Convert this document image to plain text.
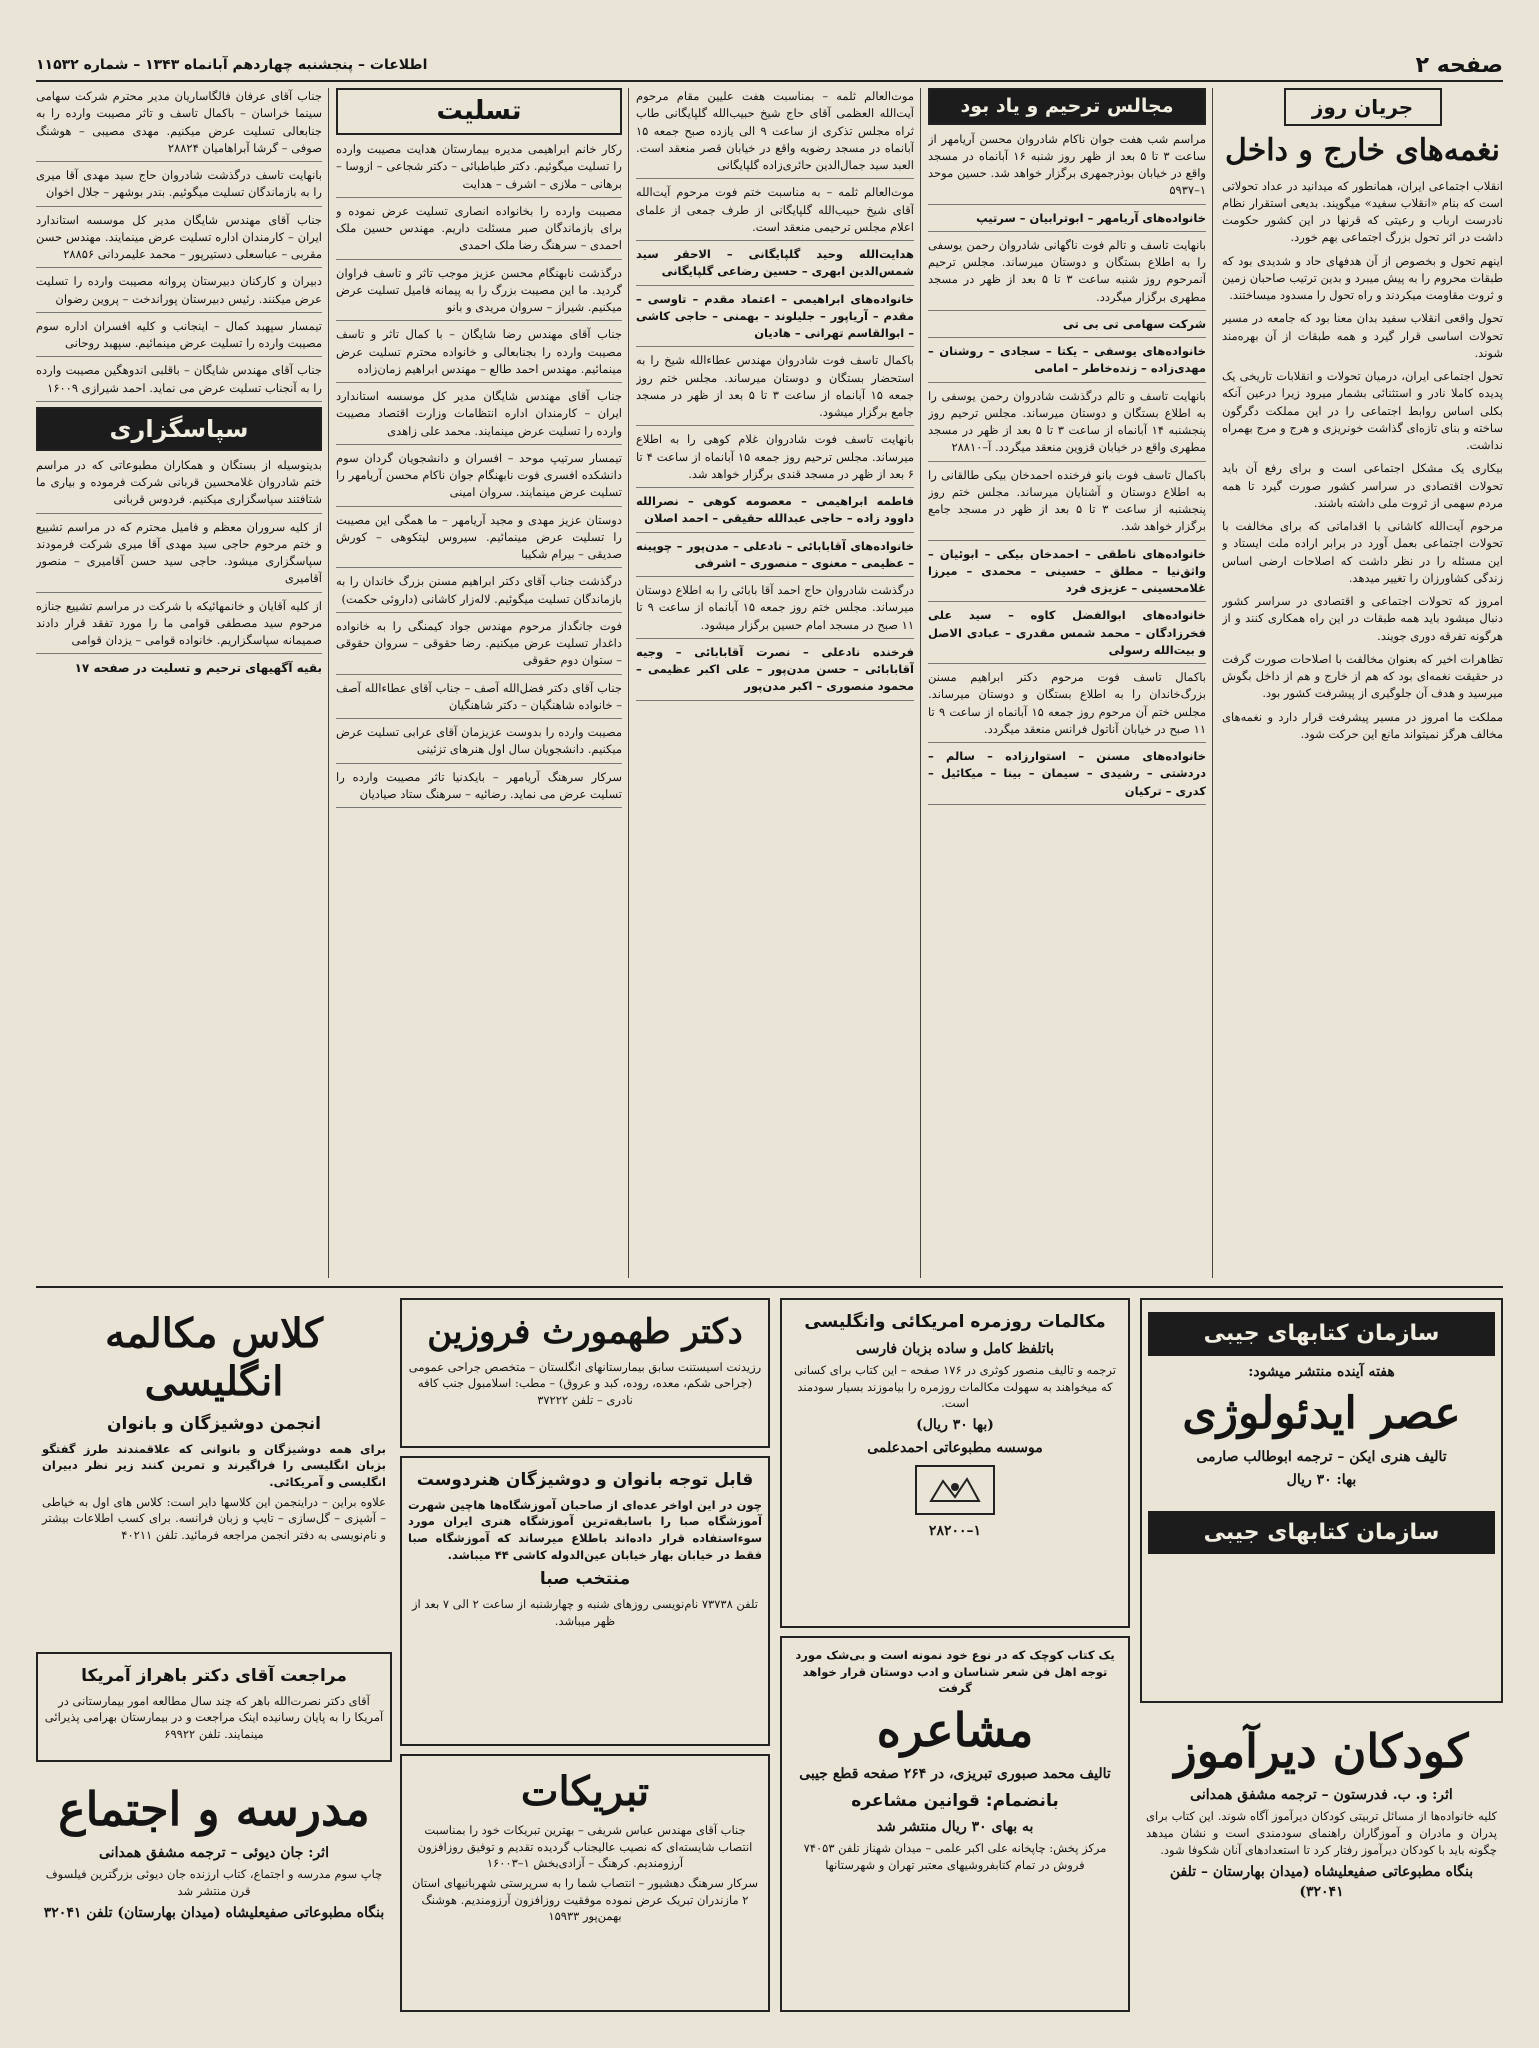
صفحه ۲
اطلاعات – پنجشنبه چهاردهم آبانماه ۱۳۴۳ – شماره ۱۱۵۳۲
جریان روز
نغمه‌های خارج و داخل

انقلاب اجتماعی ایران، همانطور که میدانید در عداد تحولاتی است که بنام «انقلاب سفید» میگویند. بدیعی استقرار نظام نادرست ارباب و رعیتی که قرنها در این کشور حکومت داشت در اثر تحول بزرگ اجتماعی بهم خورد.

اینهم تحول و بخصوص از آن هدفهای حاد و شدیدی بود که طبقات محروم را به پیش میبرد و بدین ترتیب صاحبان زمین و ثروت مقاومت میکردند و راه تحول را مسدود میساختند.

تحول واقعی انقلاب سفید بدان معنا بود که جامعه در مسیر تحولات اساسی قرار گیرد و همه طبقات از آن بهره‌مند شوند.

تحول اجتماعی ایران، درمیان تحولات و انقلابات تاریخی یک پدیده کاملا نادر و استثنائی بشمار میرود زیرا درعین آنکه بکلی اساس روابط اجتماعی را در این مملکت دگرگون ساخته و بنای تازه‌ای گذاشت خونریزی و هرج و مرج بهمراه نداشت.

بیکاری یک مشکل اجتماعی است و برای رفع آن باید تحولات اقتصادی در سراسر کشور صورت گیرد تا همه مردم سهمی از ثروت ملی داشته باشند.

مرحوم آیت‌الله کاشانی با اقداماتی که برای مخالفت با تحولات اجتماعی بعمل آورد در برابر اراده ملت ایستاد و این مسئله را در نظر داشت که اصلاحات ارضی اساس زندگی کشاورزان را تغییر میدهد.

امروز که تحولات اجتماعی و اقتصادی در سراسر کشور دنبال میشود باید همه طبقات در این راه همکاری کنند و از هرگونه تفرقه دوری جویند.

تظاهرات اخیر که بعنوان مخالفت با اصلاحات صورت گرفت در حقیقت نغمه‌ای بود که هم از خارج و هم از داخل بگوش میرسید و هدف آن جلوگیری از پیشرفت کشور بود.

مملکت ما امروز در مسیر پیشرفت قرار دارد و نغمه‌های مخالف هرگز نمیتواند مانع این حرکت شود.

مجالس ترحیم و یاد بود
مراسم شب هفت جوان ناکام شادروان محسن آریامهر از ساعت ۳ تا ۵ بعد از ظهر روز شنبه ۱۶ آبانماه در مسجد واقع در خیابان بوذرجمهری برگزار خواهد شد. حسین موحد ۱–۵۹۳۷
خانواده‌های آریامهر – ابوترابیان – سرتیپ
بانهایت تاسف و تالم فوت ناگهانی شادروان رحمن یوسفی را به اطلاع بستگان و دوستان میرساند. مجلس ترحیم آنمرحوم روز شنبه ساعت ۳ تا ۵ بعد از ظهر در مسجد مطهری برگزار میگردد.
شرکت سهامی تی بی تی
خانواده‌های یوسفی – یکتا – سجادی – روشنان – مهدی‌زاده – زنده‌خاطر – امامی
بانهایت تاسف و تالم درگذشت شادروان رحمن یوسفی را به اطلاع بستگان و دوستان میرساند. مجلس ترحیم روز پنجشنبه ۱۴ آبانماه از ساعت ۳ تا ۵ بعد از ظهر در مسجد مطهری واقع در خیابان قزوین منعقد میگردد. آ–۲۸۸۱۰
باکمال تاسف فوت بانو فرخنده احمدخان بیکی طالقانی را به اطلاع دوستان و آشنایان میرساند. مجلس ختم روز پنجشنبه از ساعت ۳ تا ۵ بعد از ظهر در مسجد جامع برگزار خواهد شد.
خانواده‌های ناطقی – احمدخان بیکی – ابوئیان – واثق‌نیا – مطلق – حسینی – محمدی – میرزا غلامحسینی – عزیزی فرد
خانواده‌های ابوالفضل کاوه – سید علی فخرزادگان – محمد شمس مقدری – عبادی الاصل و بیت‌الله رسولی
باکمال تاسف فوت مرحوم دکتر ابراهیم مسنن بزرگ‌خاندان را به اطلاع بستگان و دوستان میرساند. مجلس ختم آن مرحوم روز جمعه ۱۵ آبانماه از ساعت ۹ تا ۱۱ صبح در خیابان آناتول فرانس منعقد میگردد.
خانواده‌های مسنن – استوارزاده – سالم – دردشتی – رشیدی – سیمان – بینا – میکائیل – کدری – ترکیان
موت‌العالم ثلمه – بمناسبت هفت علیین مقام مرحوم آیت‌الله العظمی آقای حاج شیخ حبیب‌الله گلپایگانی طاب ثراه مجلس تذکری از ساعت ۹ الی یازده صبح جمعه ۱۵ آبانماه در مسجد رضویه واقع در خیابان قصر منعقد است. العبد سید جمال‌الدین حائری‌زاده گلپایگانی
موت‌العالم ثلمه – به مناسبت ختم فوت مرحوم آیت‌الله آقای شیخ حبیب‌الله گلپایگانی از طرف جمعی از علمای اعلام مجلس ترحیمی منعقد است.
هدایت‌الله وحید گلپایگانی – الاحقر سید شمس‌الدین ابهری – حسین رضاعی گلپایگانی
خانواده‌های ابراهیمی – اعتماد مقدم – تاوسی – مقدم – آریاپور – جلیلوند – بهمنی – حاجی کاشی – ابوالقاسم تهرانی – هادیان
باکمال تاسف فوت شادروان مهندس عطاءالله شیخ را به استحضار بستگان و دوستان میرساند. مجلس ختم روز جمعه ۱۵ آبانماه از ساعت ۳ تا ۵ بعد از ظهر در مسجد جامع برگزار میشود.
بانهایت تاسف فوت شادروان غلام کوهی را به اطلاع میرساند. مجلس ترحیم روز جمعه ۱۵ آبانماه از ساعت ۴ تا ۶ بعد از ظهر در مسجد قندی برگزار خواهد شد.
فاطمه ابراهیمی – معصومه کوهی – نصرالله داوود زاده – حاجی عبدالله حقیقی – احمد اصلان
خانواده‌های آقابابائی – نادعلی – مدن‌پور – چوپینه – عظیمی – معنوی – منصوری – اشرفی
درگذشت شادروان حاج احمد آقا بابائی را به اطلاع دوستان میرساند. مجلس ختم روز جمعه ۱۵ آبانماه از ساعت ۹ تا ۱۱ صبح در مسجد امام حسین برگزار میشود.
فرخنده نادعلی – نصرت آقابابائی – وجیه آقابابائی – حسن مدن‌پور – علی اکبر عظیمی – محمود منصوری – اکبر مدن‌پور
تسلیت
رکار خانم ابراهیمی مدیره بیمارستان هدایت مصیبت وارده را تسلیت میگوئیم. دکتر طباطبائی – دکتر شجاعی – ازوسا – برهانی – ملازی – اشرف – هدایت
مصیبت وارده را بخانواده انصاری تسلیت عرض نموده و برای بازماندگان صبر مسئلت داریم. مهندس حسین ملک احمدی – سرهنگ رضا ملک احمدی
درگذشت نابهنگام محسن عزیز موجب تاثر و تاسف فراوان گردید. ما این مصیبت بزرگ را به پیمانه فامیل تسلیت عرض میکنیم. شیراز – سروان مریدی و بانو
جناب آقای مهندس رضا شایگان – با کمال تاثر و تاسف مصیبت وارده را بجنابعالی و خانواده محترم تسلیت عرض مینمائیم. مهندس احمد طالع – مهندس ابراهیم زمان‌زاده
جناب آقای مهندس شایگان مدیر کل موسسه استاندارد ایران – کارمندان اداره انتظامات وزارت اقتصاد مصیبت وارده را تسلیت عرض مینمایند. محمد علی زاهدی
تیمسار سرتیپ موحد – افسران و دانشجویان گردان سوم دانشکده افسری فوت نابهنگام جوان ناکام محسن آریامهر را تسلیت عرض مینمایند. سروان امینی
دوستان عزیز مهدی و مجید آریامهر – ما همگی این مصیبت را تسلیت عرض مینمائیم. سیروس لیتکوهی – کورش صدیقی – بیرام شکیبا
درگذشت جناب آقای دکتر ابراهیم مسنن بزرگ خاندان را به بازماندگان تسلیت میگوئیم. لاله‌زار کاشانی (داروئی حکمت)
فوت جانگداز مرحوم مهندس جواد کیمنگی را به خانواده داغدار تسلیت عرض میکنیم. رضا حقوقی – سروان حقوقی – ستوان دوم حقوقی
جناب آقای دکتر فضل‌الله آصف – جناب آقای عطاءالله آصف – خانواده شاهنگیان – دکتر شاهنگیان
مصیبت وارده را بدوست عزیزمان آقای عرابی تسلیت عرض میکنیم. دانشجویان سال اول هنرهای تزئینی
سرکار سرهنگ آریامهر – بایکدنیا تاثر مصیبت وارده را تسلیت عرض می نماید. رضائیه – سرهنگ ستاد صیادیان
جناب آقای عرفان فالگاساریان مدیر محترم شرکت سهامی سینما خراسان – باکمال تاسف و تاثر مصیبت وارده را به جنابعالی تسلیت عرض میکنیم. مهدی مصیبی – هوشنگ صوفی – گرشا آبراهامیان ۲۸۸۲۴
بانهایت تاسف درگذشت شادروان حاج سید مهدی آقا میری را به بازماندگان تسلیت میگوئیم. بندر بوشهر – جلال اخوان
جناب آقای مهندس شایگان مدیر کل موسسه استاندارد ایران – کارمندان اداره تسلیت عرض مینمایند. مهندس حسن مقربی – عباسعلی دستیرپور – محمد علیمردانی ۲۸۸۵۶
دبیران و کارکنان دبیرستان پروانه مصیبت وارده را تسلیت عرض میکنند. رئیس دبیرستان پوراندخت – پروین رضوان
تیمسار سپهبد کمال – اینجانب و کلیه افسران اداره سوم مصیبت وارده را تسلیت عرض مینمائیم. سپهبد روحانی
جناب آقای مهندس شایگان – باقلبی اندوهگین مصیبت وارده را به آنجناب تسلیت عرض می نماید. احمد شیرازی ۱۶۰۰۹
سپاسگزاری
بدینوسیله از بستگان و همکاران مطبوعاتی که در مراسم ختم شادروان غلامحسین قربانی شرکت فرموده و بیاری ما شتافتند سپاسگزاری میکنیم. فردوس قربانی
از کلیه سروران معظم و فامیل محترم که در مراسم تشییع و ختم مرحوم حاجی سید مهدی آقا میری شرکت فرمودند سپاسگزاری میشود. حاجی سید حسن آقامیری – منصور آقامیری
از کلیه آقایان و خانمهائیکه با شرکت در مراسم تشییع جنازه مرحوم سید مصطفی قوامی ما را مورد تفقد قرار دادند صمیمانه سپاسگزاریم. خانواده قوامی – یزدان قوامی
بقیه آگهیهای ترحیم و تسلیت در صفحه ۱۷
سازمان کتابهای جیبی
هفته آینده منتشر میشود:
عصر ایدئولوژی
تالیف هنری ایکن – ترجمه ابوطالب صارمی
بها: ۳۰ ریال
سازمان کتابهای جیبی
کودکان دیرآموز
اثر: و. ب. فدرستون – ترجمه مشفق همدانی

کلیه خانواده‌ها از مسائل تربیتی کودکان دیرآموز آگاه شوند. این کتاب برای پدران و مادران و آموزگاران راهنمای سودمندی است و نشان میدهد چگونه باید با کودکان دیرآموز رفتار کرد تا استعدادهای آنان شکوفا شود.

بنگاه مطبوعاتی صفیعلیشاه (میدان بهارستان – تلفن ۳۲۰۴۱)
مکالمات روزمره امریکائی وانگلیسی
باتلفظ کامل و ساده بزبان فارسی

ترجمه و تالیف منصور کوثری در ۱۷۶ صفحه – این کتاب برای کسانی که میخواهند به سهولت مکالمات روزمره را بیاموزند بسیار سودمند است.

(بها ۳۰ ریال)
موسسه مطبوعاتی احمدعلمی
۱–۲۸۲۰۰

یک کتاب کوچک که در نوع خود نمونه است و بی‌شک مورد توجه اهل فن شعر شناسان و ادب دوستان قرار خواهد گرفت

مشاعره
تالیف محمد صبوری تبریزی، در ۲۶۴ صفحه قطع جیبی
بانضمام: قوانین مشاعره
به بهای ۳۰ ریال منتشر شد

مرکز پخش: چاپخانه علی اکبر علمی – میدان شهناز تلفن ۷۴۰۵۳ فروش در تمام کتابفروشیهای معتبر تهران و شهرستانها

دکتر طهمورث فروزین

رزیدنت اسیستنت سابق بیمارستانهای انگلستان – متخصص جراحی عمومی (جراحی شکم، معده، روده، کبد و عروق) – مطب: اسلامبول جنب کافه نادری – تلفن ۳۷۲۲۲

قابل توجه بانوان و دوشیزگان هنردوست

چون در این اواخر عده‌ای از صاحبان آموزشگاه‌ها هاچین شهرت آموزشگاه صبا را باسابقه‌ترین آموزشگاه هنری ایران مورد سوءاستفاده قرار داده‌اند باطلاع میرساند که آموزشگاه صبا فقط در خیابان بهار خیابان عین‌الدوله کاشی ۴۴ میباشد.

منتخب صبا

تلفن ۷۳۷۳۸ نام‌نویسی روزهای شنبه و چهارشنبه از ساعت ۲ الی ۷ بعد از ظهر میباشد.

تبریکات

جناب آقای مهندس عباس شریفی – بهترین تبریکات خود را بمناسبت انتصاب شایسته‌ای که نصیب عالیجناب گردیده تقدیم و توفیق روزافزون آرزومندیم. کرهنگ – آزادی‌بخش ۱–۱۶۰۰۳

سرکار سرهنگ دهشیور – انتصاب شما را به سرپرستی شهربانیهای استان ۲ مازندران تبریک عرض نموده موفقیت روزافزون آرزومندیم. هوشنگ بهمن‌پور ۱۵۹۳۳

کلاس مکالمه انگلیسی
انجمن دوشیزگان و بانوان

برای همه دوشیزگان و بانوانی که علاقمندند طرز گفتگو بزبان انگلیسی را فراگیرند و تمرین کنند زیر نظر دبیران انگلیسی و آمریکائی.

علاوه براین – دراینجمن این کلاسها دایر است: کلاس های اول به خیاطی – آشپزی – گل‌سازی – تایپ و زبان فرانسه. برای کسب اطلاعات بیشتر و نام‌نویسی به دفتر انجمن مراجعه فرمائید. تلفن ۴۰۲۱۱

مراجعت آقای دکتر باهراز آمریکا

آقای دکتر نصرت‌الله باهر که چند سال مطالعه امور بیمارستانی در آمریکا را به پایان رسانیده اینک مراجعت و در بیمارستان بهرامی پذیرائی مینمایند. تلفن ۶۹۹۲۲

مدرسه و اجتماع
اثر: جان دیوئی – ترجمه مشفق همدانی

چاپ سوم مدرسه و اجتماع، کتاب ارزنده جان دیوئی بزرگترین فیلسوف قرن منتشر شد

بنگاه مطبوعاتی صفیعلیشاه (میدان بهارستان) تلفن ۳۲۰۴۱
